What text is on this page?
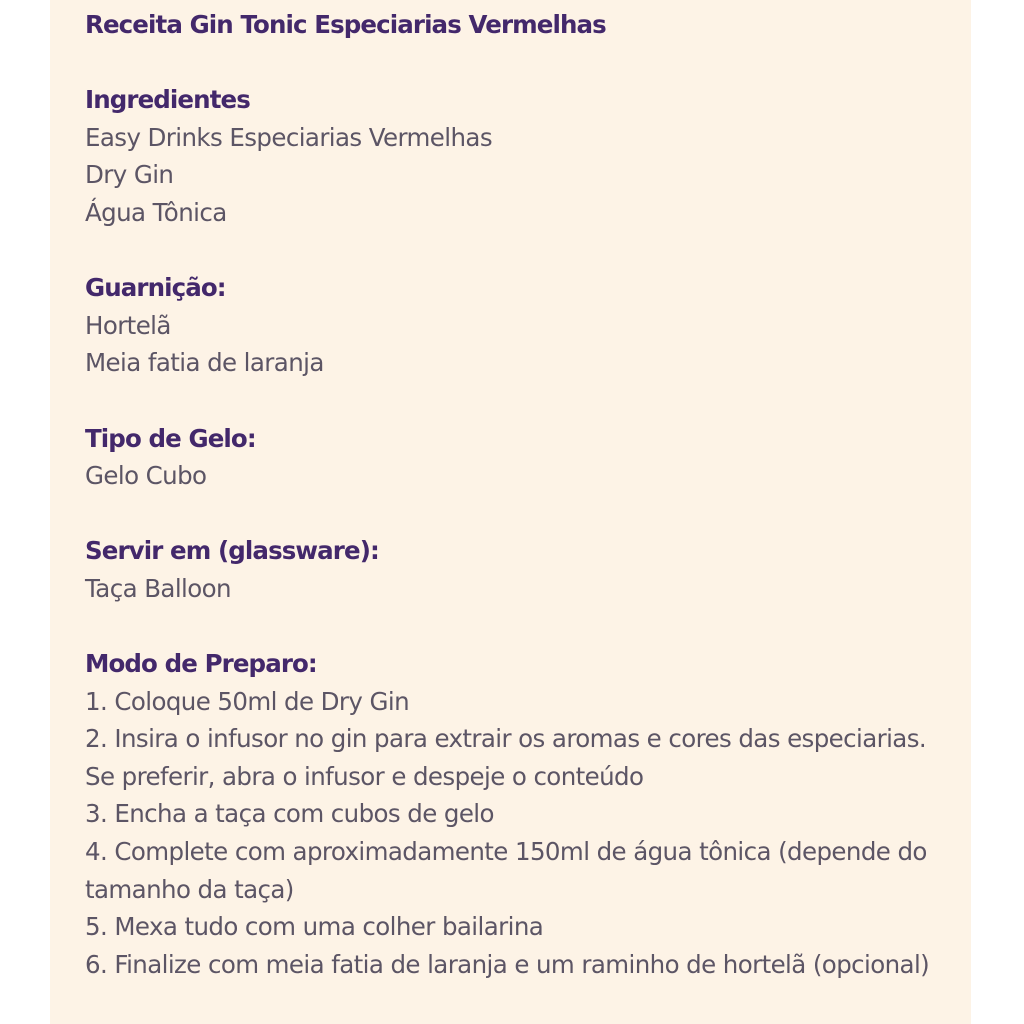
Receita Gin Tonic Especiarias Vermelhas
Ingredientes
Easy Drinks Especiarias Vermelhas
Dry Gin
Água Tônica
Guarnição:
Hortelã
Meia fatia de laranja
Tipo de Gelo:
Gelo Cubo
Servir em (glassware):
Taça Balloon
Modo de Preparo:
1. Coloque 50ml de Dry Gin
2. Insira o infusor no gin para extrair os aromas e cores das especiarias. Se preferir, abra o infusor e despeje o conteúdo
3. Encha a taça com cubos de gelo
4. Complete com aproximadamente 150ml de água tônica (depende do tamanho da taça)
5. Mexa tudo com uma colher bailarina
6. Finalize com meia fatia de laranja e um raminho de hortelã (opcional)
